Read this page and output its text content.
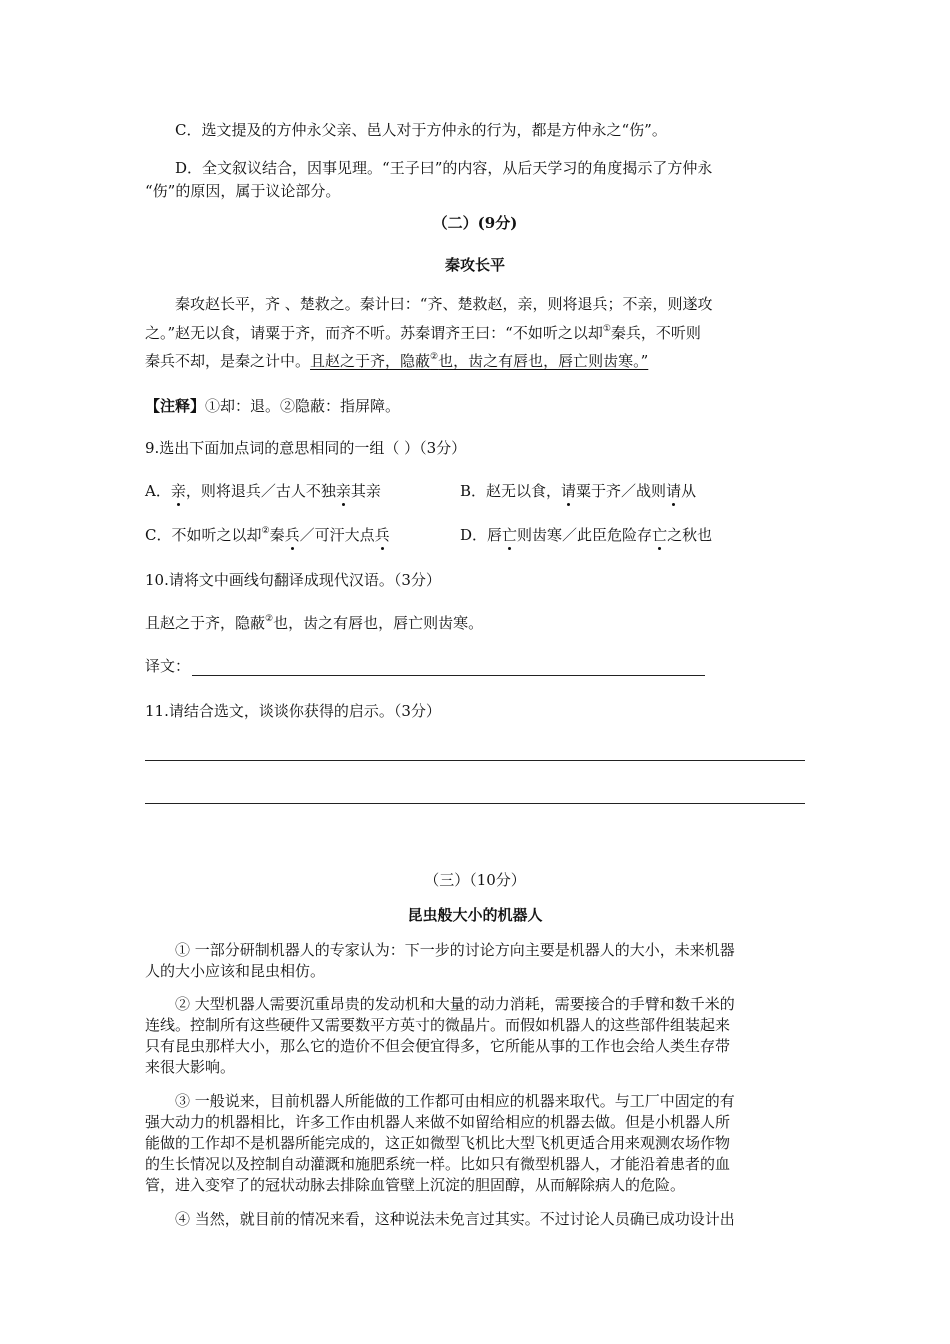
C．选文提及的方仲永父亲、邑人对于方仲永的行为，都是方仲永之“伤”。
D．全文叙议结合，因事见理。“王子曰”的内容，从后天学习的角度揭示了方仲永
“伤”的原因，属于议论部分。
（二）(9分)
秦攻长平
秦攻赵长平，齐 、楚救之。秦计曰：“齐、楚救赵，亲，则将退兵；不亲，则遂攻
之。”赵无以食，请粟于齐，而齐不听。苏秦谓齐王曰：“不如听之以却①秦兵，不听则
秦兵不却，是秦之计中。且赵之于齐，隐蔽②也，齿之有唇也，唇亡则齿寒。”
【注释】①却：退。②隐蔽：指屏障。
9.选出下面加点词的意思相同的一组（ ）（3分）
A．亲，则将退兵／古人不独亲其亲	B．赵无以食，请粟于齐／战则请从
C．不如听之以却②秦兵／可汗大点兵	D．唇亡则齿寒／此臣危险存亡之秋也
10.请将文中画线句翻译成现代汉语。（3分）
且赵之于齐，隐蔽②也，齿之有唇也，唇亡则齿寒。
译文：
11.请结合选文，谈谈你获得的启示。（3分）
（三）（10分）
昆虫般大小的机器人
① 一部分研制机器人的专家认为：下一步的讨论方向主要是机器人的大小，未来机器
人的大小应该和昆虫相仿。
② 大型机器人需要沉重昂贵的发动机和大量的动力消耗，需要接合的手臂和数千米的
连线。控制所有这些硬件又需要数平方英寸的微晶片。而假如机器人的这些部件组装起来
只有昆虫那样大小，那么它的造价不但会便宜得多，它所能从事的工作也会给人类生存带
来很大影响。
③ 一般说来，目前机器人所能做的工作都可由相应的机器来取代。与工厂中固定的有
强大动力的机器相比，许多工作由机器人来做不如留给相应的机器去做。但是小机器人所
能做的工作却不是机器所能完成的，这正如微型飞机比大型飞机更适合用来观测农场作物
的生长情况以及控制自动灌溉和施肥系统一样。比如只有微型机器人，才能沿着患者的血
管，进入变窄了的冠状动脉去排除血管壁上沉淀的胆固醇，从而解除病人的危险。
④ 当然，就目前的情况来看，这种说法未免言过其实。不过讨论人员确已成功设计出
